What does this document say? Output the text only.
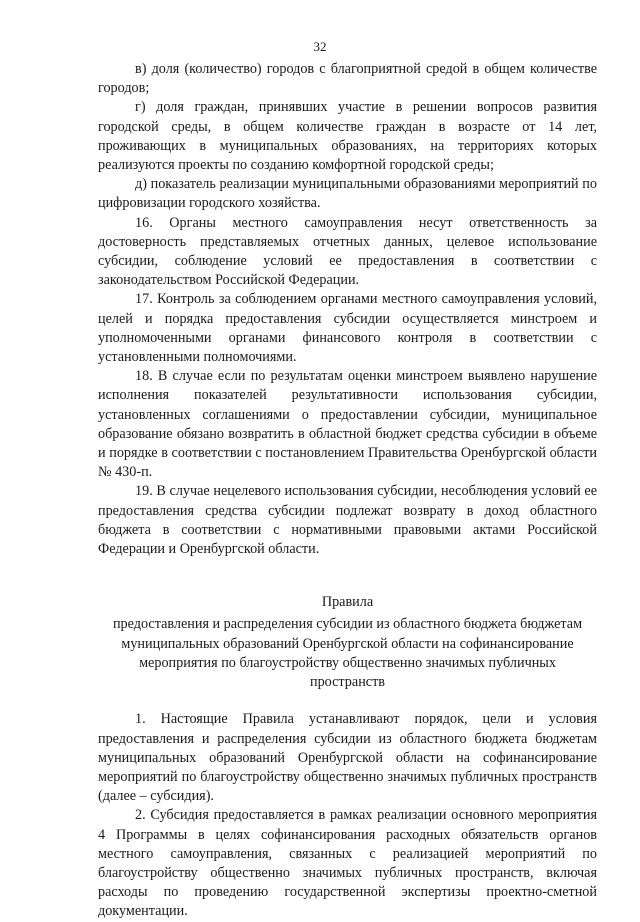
32

в) доля (количество) городов с благоприятной средой в общем количестве городов;

г) доля граждан, принявших участие в решении вопросов развития городской среды, в общем количестве граждан в возрасте от 14 лет, проживающих в муниципальных образованиях, на территориях которых реализуются проекты по созданию комфортной городской среды;

д) показатель реализации муниципальными образованиями мероприятий по цифровизации городского хозяйства.

16. Органы местного самоуправления несут ответственность за достоверность представляемых отчетных данных, целевое использование субсидии, соблюдение условий ее предоставления в соответствии с законодательством Российской Федерации.

17. Контроль за соблюдением органами местного самоуправления условий, целей и порядка предоставления субсидии осуществляется минстроем и уполномоченными органами финансового контроля в соответствии с установленными полномочиями.

18. В случае если по результатам оценки минстроем выявлено нарушение исполнения показателей результативности использования субсидии, установленных соглашениями о предоставлении субсидии, муниципальное образование обязано возвратить в областной бюджет средства субсидии в объеме и порядке в соответствии с постановлением Правительства Оренбургской области № 430-п.

19. В случае нецелевого использования субсидии, несоблюдения условий ее предоставления средства субсидии подлежат возврату в доход областного бюджета в соответствии с нормативными правовыми актами Российской Федерации и Оренбургской области.

Правила
предоставления и распределения субсидии из областного бюджета бюджетам муниципальных образований Оренбургской области на софинансирование мероприятия по благоустройству общественно значимых публичных пространств

1. Настоящие Правила устанавливают порядок, цели и условия предоставления и распределения субсидии из областного бюджета бюджетам муниципальных образований Оренбургской области на софинансирование мероприятий по благоустройству общественно значимых публичных пространств (далее – субсидия).

2. Субсидия предоставляется в рамках реализации основного мероприятия 4 Программы в целях софинансирования расходных обязательств органов местного самоуправления, связанных с реализацией мероприятий по благоустройству общественно значимых публичных пространств, включая расходы по проведению государственной экспертизы проектно-сметной документации.
